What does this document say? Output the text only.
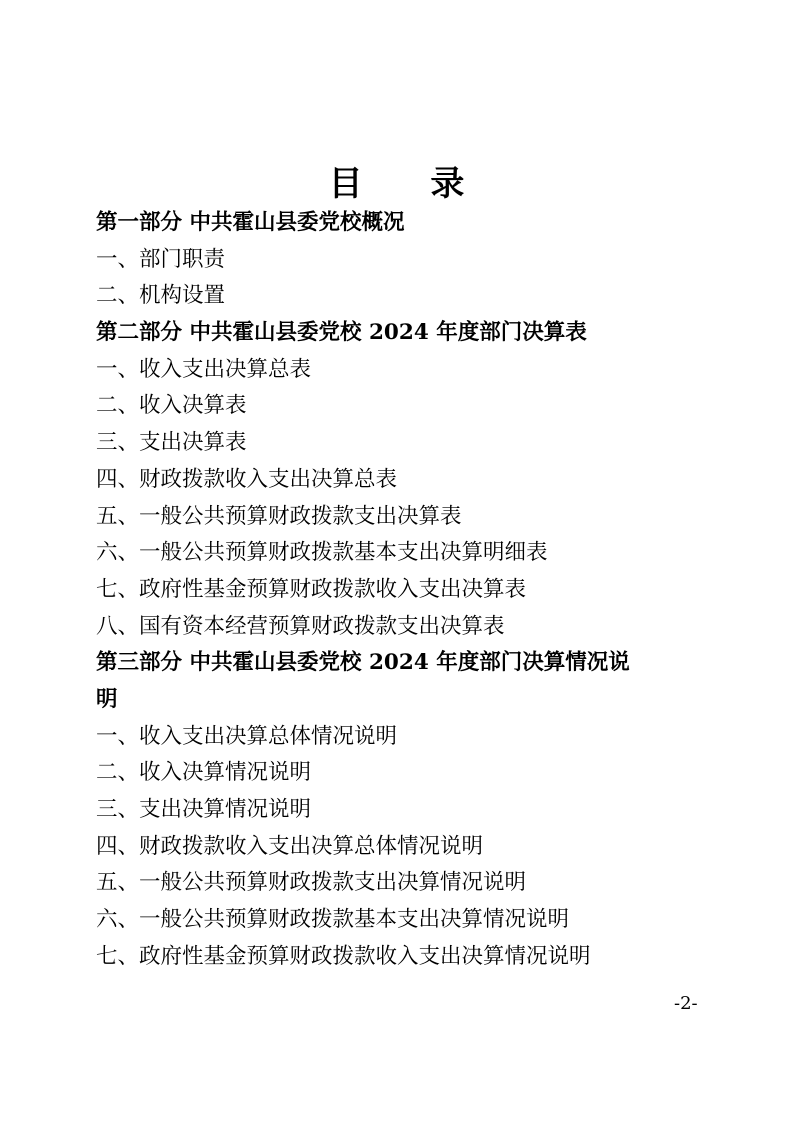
目 录
第一部分 中共霍山县委党校概况
一、部门职责
二、机构设置
第二部分 中共霍山县委党校 2024 年度部门决算表
一、收入支出决算总表
二、收入决算表
三、支出决算表
四、财政拨款收入支出决算总表
五、一般公共预算财政拨款支出决算表
六、一般公共预算财政拨款基本支出决算明细表
七、政府性基金预算财政拨款收入支出决算表
八、国有资本经营预算财政拨款支出决算表
第三部分 中共霍山县委党校 2024 年度部门决算情况说
明
一、收入支出决算总体情况说明
二、收入决算情况说明
三、支出决算情况说明
四、财政拨款收入支出决算总体情况说明
五、一般公共预算财政拨款支出决算情况说明
六、一般公共预算财政拨款基本支出决算情况说明
七、政府性基金预算财政拨款收入支出决算情况说明
-2-
